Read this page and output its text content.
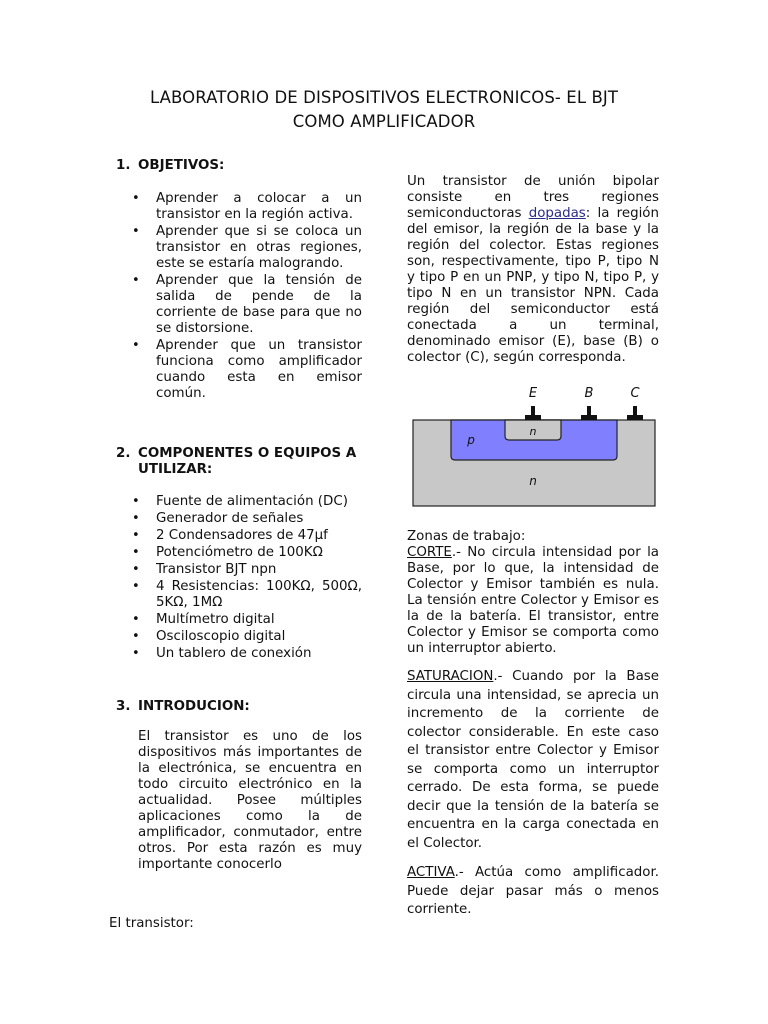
LABORATORIO DE DISPOSITIVOS ELECTRONICOS- EL BJT
COMO AMPLIFICADOR
1. OBJETIVOS:
• Aprender a colocar a un transistor en la región activa.
• Aprender que si se coloca un transistor en otras regiones, este se estaría malogrando.
• Aprender que la tensión de salida de pende de la corriente de base para que no se distorsione.
• Aprender que un transistor funciona como amplificador cuando esta en emisor común.
2. COMPONENTES O EQUIPOS A UTILIZAR:
• Fuente de alimentación (DC)
• Generador de señales
• 2 Condensadores de 47µf
• Potenciómetro de 100KΩ
• Transistor BJT npn
• 4 Resistencias: 100KΩ, 500Ω, 5KΩ, 1MΩ
• Multímetro digital
• Osciloscopio digital
• Un tablero de conexión
3. INTRODUCION:
El transistor es uno de los dispositivos más importantes de la electrónica, se encuentra en todo circuito electrónico en la actualidad. Posee múltiples aplicaciones como la de amplificador, conmutador, entre otros. Por esta razón es muy importante conocerlo
El transistor:
Un transistor de unión bipolar consiste en tres regiones semiconductoras dopadas: la región del emisor, la región de la base y la región del colector. Estas regiones son, respectivamente, tipo P, tipo N y tipo P en un PNP, y tipo N, tipo P, y tipo N en un transistor NPN. Cada región del semiconductor está conectada a un terminal, denominado emisor (E), base (B) o colector (C), según corresponda.
E	B	C
p
n
n
Zonas de trabajo:
CORTE.- No circula intensidad por la Base, por lo que, la intensidad de Colector y Emisor también es nula. La tensión entre Colector y Emisor es la de la batería. El transistor, entre Colector y Emisor se comporta como un interruptor abierto.
SATURACION.- Cuando por la Base circula una intensidad, se aprecia un incremento de la corriente de colector considerable. En este caso el transistor entre Colector y Emisor se comporta como un interruptor cerrado. De esta forma, se puede decir que la tensión de la batería se encuentra en la carga conectada en el Colector.
ACTIVA.- Actúa como amplificador. Puede dejar pasar más o menos corriente.
